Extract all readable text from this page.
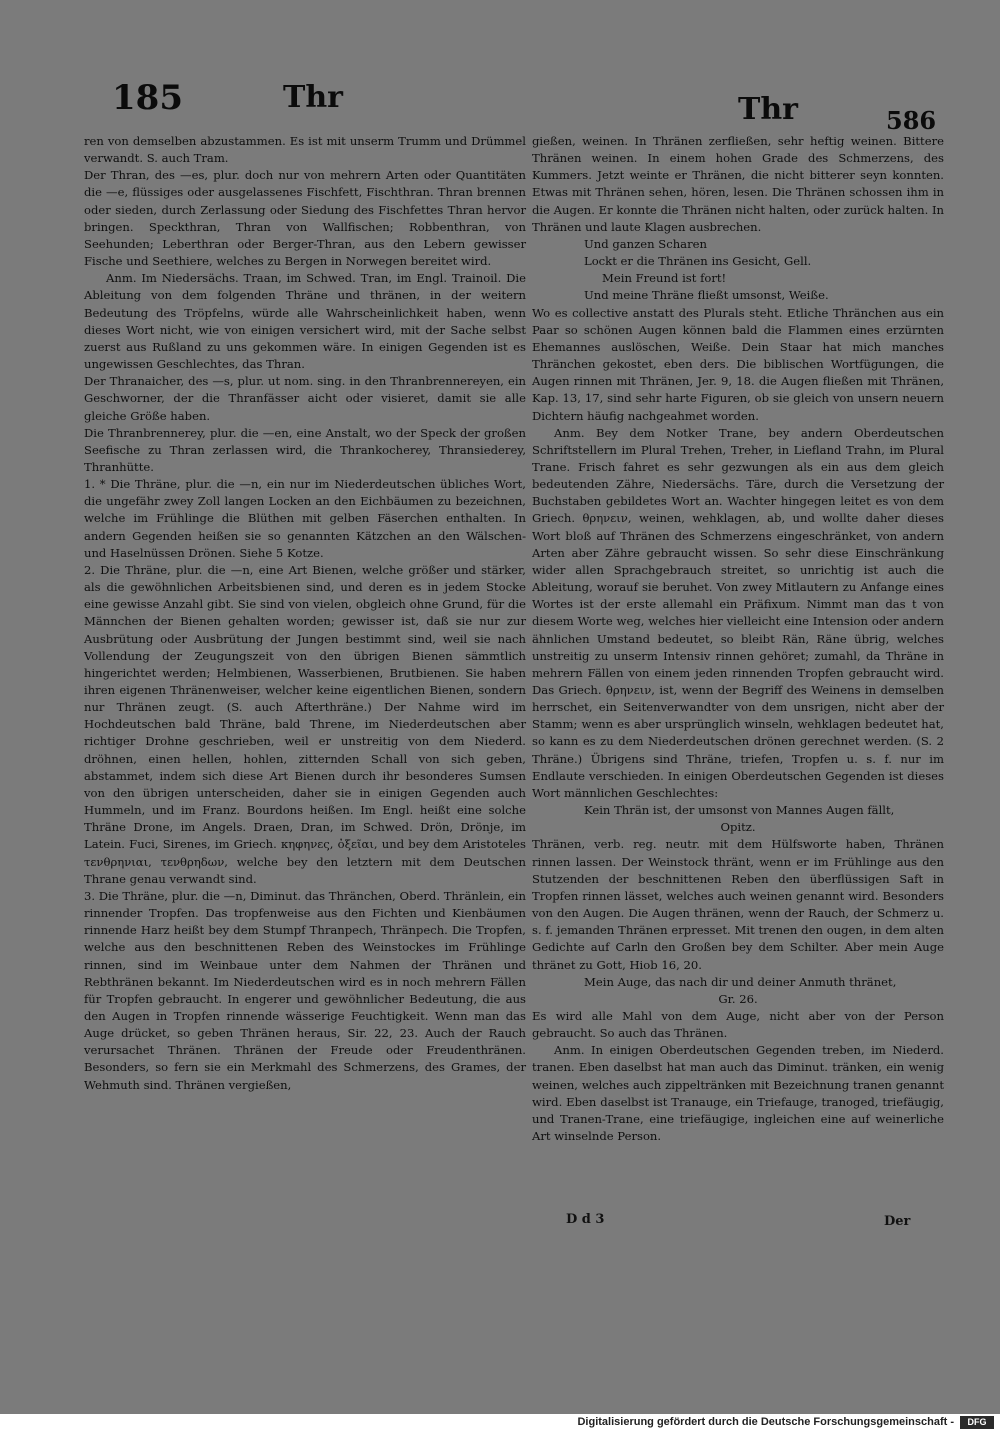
185	Thr	Thr	586

ren von demselben abzustammen. Es ist mit unserm Trumm und Drümmel verwandt. S. auch Tram.

Der Thran, des —es, plur. doch nur von mehrern Arten oder Quantitäten die —e, flüssiges oder ausgelassenes Fischfett, Fischthran. Thran brennen oder sieden, durch Zerlassung oder Siedung des Fischfettes Thran hervor bringen. Speckthran, Thran von Wallfischen; Robbenthran, von Seehunden; Leberthran oder Berger-Thran, aus den Lebern gewisser Fische und Seethiere, welches zu Bergen in Norwegen bereitet wird.

Anm. Im Niedersächs. Traan, im Schwed. Tran, im Engl. Trainoil. Die Ableitung von dem folgenden Thräne und thränen, in der weitern Bedeutung des Tröpfelns, würde alle Wahrscheinlichkeit haben, wenn dieses Wort nicht, wie von einigen versichert wird, mit der Sache selbst zuerst aus Rußland zu uns gekommen wäre. In einigen Gegenden ist es ungewissen Geschlechtes, das Thran.

Der Thranaicher, des —s, plur. ut nom. sing. in den Thranbrennereyen, ein Geschworner, der die Thranfässer aicht oder visieret, damit sie alle gleiche Größe haben.

Die Thranbrennerey, plur. die —en, eine Anstalt, wo der Speck der großen Seefische zu Thran zerlassen wird, die Thrankocherey, Thransiederey, Thranhütte.

1. * Die Thräne, plur. die —n, ein nur im Niederdeutschen übliches Wort, die ungefähr zwey Zoll langen Locken an den Eichbäumen zu bezeichnen, welche im Frühlinge die Blüthen mit gelben Fäserchen enthalten. In andern Gegenden heißen sie so genannten Kätzchen an den Wälschen- und Haselnüssen Drönen. Siehe 5 Kotze.

2. Die Thräne, plur. die —n, eine Art Bienen, welche größer und stärker, als die gewöhnlichen Arbeitsbienen sind, und deren es in jedem Stocke eine gewisse Anzahl gibt. Sie sind von vielen, obgleich ohne Grund, für die Männchen der Bienen gehalten worden; gewisser ist, daß sie nur zur Ausbrütung oder Ausbrütung der Jungen bestimmt sind, weil sie nach Vollendung der Zeugungszeit von den übrigen Bienen sämmtlich hingerichtet werden; Helmbienen, Wasserbienen, Brutbienen. Sie haben ihren eigenen Thränenweiser, welcher keine eigentlichen Bienen, sondern nur Thränen zeugt. (S. auch Afterthräne.) Der Nahme wird im Hochdeutschen bald Thräne, bald Threne, im Niederdeutschen aber richtiger Drohne geschrieben, weil er unstreitig von dem Niederd. dröhnen, einen hellen, hohlen, zitternden Schall von sich geben, abstammet, indem sich diese Art Bienen durch ihr besonderes Sumsen von den übrigen unterscheiden, daher sie in einigen Gegenden auch Hummeln, und im Franz. Bourdons heißen. Im Engl. heißt eine solche Thräne Drone, im Angels. Draen, Dran, im Schwed. Drön, Drönje, im Latein. Fuci, Sirenes, im Griech. κηφηνες, ὀξεῖαι, und bey dem Aristoteles τενθρηνιαι, τενθρηδων, welche bey den letztern mit dem Deutschen Thrane genau verwandt sind.

3. Die Thräne, plur. die —n, Diminut. das Thränchen, Oberd. Thränlein, ein rinnender Tropfen. Das tropfenweise aus den Fichten und Kienbäumen rinnende Harz heißt bey dem Stumpf Thranpech, Thränpech. Die Tropfen, welche aus den beschnittenen Reben des Weinstockes im Frühlinge rinnen, sind im Weinbaue unter dem Nahmen der Thränen und Rebthränen bekannt. Im Niederdeutschen wird es in noch mehrern Fällen für Tropfen gebraucht. In engerer und gewöhnlicher Bedeutung, die aus den Augen in Tropfen rinnende wässerige Feuchtigkeit. Wenn man das Auge drücket, so geben Thränen heraus, Sir. 22, 23. Auch der Rauch verursachet Thränen. Thränen der Freude oder Freudenthränen. Besonders, so fern sie ein Merkmahl des Schmerzens, des Grames, der Wehmuth sind. Thränen vergießen,

gießen, weinen. In Thränen zerfließen, sehr heftig weinen. Bittere Thränen weinen. In einem hohen Grade des Schmerzens, des Kummers. Jetzt weinte er Thränen, die nicht bitterer seyn konnten. Etwas mit Thränen sehen, hören, lesen. Die Thränen schossen ihm in die Augen. Er konnte die Thränen nicht halten, oder zurück halten. In Thränen und laute Klagen ausbrechen.

Und ganzen Scharen

Lockt er die Thränen ins Gesicht, Gell.

Mein Freund ist fort!

Und meine Thräne fließt umsonst, Weiße.

Wo es collective anstatt des Plurals steht. Etliche Thränchen aus ein Paar so schönen Augen können bald die Flammen eines erzürnten Ehemannes auslöschen, Weiße. Dein Staar hat mich manches Thränchen gekostet, eben ders. Die biblischen Wortfügungen, die Augen rinnen mit Thränen, Jer. 9, 18. die Augen fließen mit Thränen, Kap. 13, 17, sind sehr harte Figuren, ob sie gleich von unsern neuern Dichtern häufig nachgeahmet worden.

Anm. Bey dem Notker Trane, bey andern Oberdeutschen Schriftstellern im Plural Trehen, Treher, in Liefland Trahn, im Plural Trane. Frisch fahret es sehr gezwungen als ein aus dem gleich bedeutenden Zähre, Niedersächs. Täre, durch die Versetzung der Buchstaben gebildetes Wort an. Wachter hingegen leitet es von dem Griech. θρηνειν, weinen, wehklagen, ab, und wollte daher dieses Wort bloß auf Thränen des Schmerzens eingeschränket, von andern Arten aber Zähre gebraucht wissen. So sehr diese Einschränkung wider allen Sprachgebrauch streitet, so unrichtig ist auch die Ableitung, worauf sie beruhet. Von zwey Mitlautern zu Anfange eines Wortes ist der erste allemahl ein Präfixum. Nimmt man das t von diesem Worte weg, welches hier vielleicht eine Intension oder andern ähnlichen Umstand bedeutet, so bleibt Rän, Räne übrig, welches unstreitig zu unserm Intensiv rinnen gehöret; zumahl, da Thräne in mehrern Fällen von einem jeden rinnenden Tropfen gebraucht wird. Das Griech. θρηνειν, ist, wenn der Begriff des Weinens in demselben herrschet, ein Seitenverwandter von dem unsrigen, nicht aber der Stamm; wenn es aber ursprünglich winseln, wehklagen bedeutet hat, so kann es zu dem Niederdeutschen drönen gerechnet werden. (S. 2 Thräne.) Übrigens sind Thräne, triefen, Tropfen u. s. f. nur im Endlaute verschieden. In einigen Oberdeutschen Gegenden ist dieses Wort männlichen Geschlechtes:

Kein Thrän ist, der umsonst von Mannes Augen fällt,

Opitz.

Thränen, verb. reg. neutr. mit dem Hülfsworte haben, Thränen rinnen lassen. Der Weinstock thränt, wenn er im Frühlinge aus den Stutzenden der beschnittenen Reben den überflüssigen Saft in Tropfen rinnen lässet, welches auch weinen genannt wird. Besonders von den Augen. Die Augen thränen, wenn der Rauch, der Schmerz u. s. f. jemanden Thränen erpresset. Mit trenen den ougen, in dem alten Gedichte auf Carln den Großen bey dem Schilter. Aber mein Auge thränet zu Gott, Hiob 16, 20.

Mein Auge, das nach dir und deiner Anmuth thränet,

Gr. 26.

Es wird alle Mahl von dem Auge, nicht aber von der Person gebraucht. So auch das Thränen.

Anm. In einigen Oberdeutschen Gegenden treben, im Niederd. tranen. Eben daselbst hat man auch das Diminut. tränken, ein wenig weinen, welches auch zippeltränken mit Bezeichnung tranen genannt wird. Eben daselbst ist Tranauge, ein Triefauge, tranoged, triefäugig, und Tranen-Trane, eine triefäugige, ingleichen eine auf weinerliche Art winselnde Person.

D d 3	Der
Digitalisierung gefördert durch die Deutsche Forschungsgemeinschaft -	DFG
